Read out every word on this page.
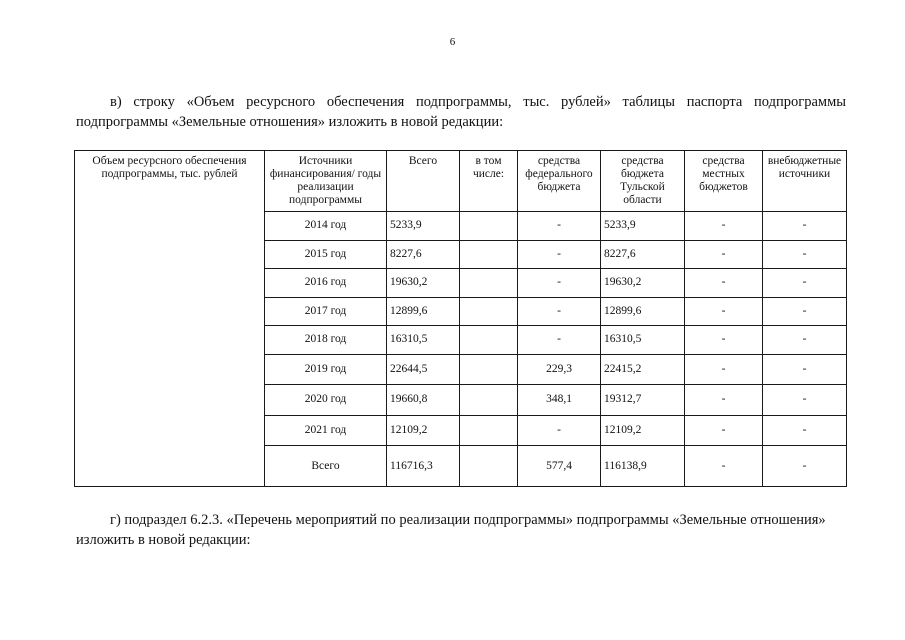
6

в) строку «Объем ресурсного обеспечения подпрограммы, тыс. рублей» таблицы паспорта подпрограммы подпрограммы «Земельные отношения» изложить в новой редакции:

Объем ресурсного обеспечения подпрограммы, тыс. рублей	Источники финансирования/ годы реализации подпрограммы	Всего	в том числе:	средства федерального бюджета	средства бюджета Тульской области	средства местных бюджетов	внебюджетные источники
	2014 год	5233,9		-	5233,9	-	-
	2015 год	8227,6		-	8227,6	-	-
	2016 год	19630,2		-	19630,2	-	-
	2017 год	12899,6		-	12899,6	-	-
	2018 год	16310,5		-	16310,5	-	-
	2019 год	22644,5		229,3	22415,2	-	-
	2020 год	19660,8		348,1	19312,7	-	-
	2021 год	12109,2		-	12109,2	-	-
	Всего	116716,3		577,4	116138,9	-	-

г) подраздел 6.2.3. «Перечень мероприятий по реализации подпрограммы» подпрограммы «Земельные отношения» изложить в новой редакции:
